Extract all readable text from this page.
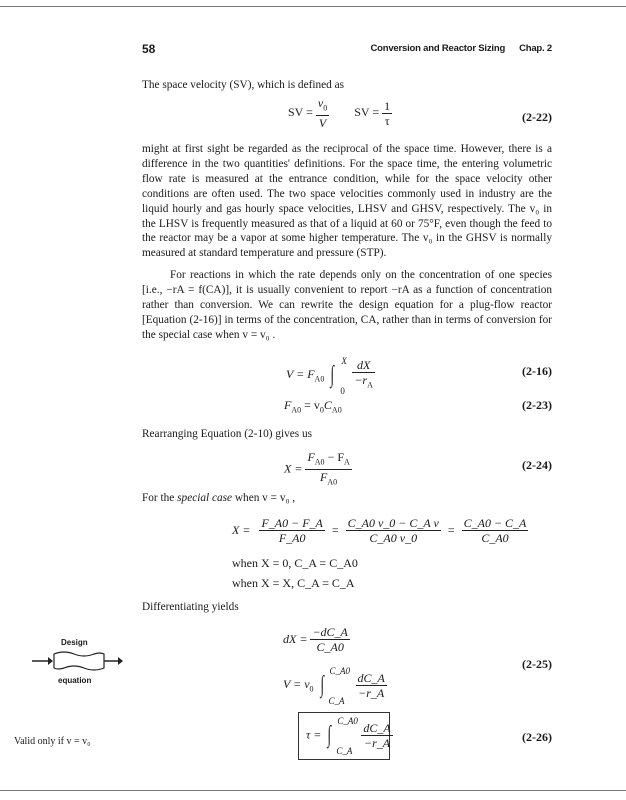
58	Conversion and Reactor Sizing Chap. 2
The space velocity (SV), which is defined as
SV = $\frac{v_0}{V}$ SV = $\frac{1}{\tau}$	(2-22)
might at first sight be regarded as the reciprocal of the space time. However, there is a difference in the two quantities' definitions. For the space time, the entering volumetric flow rate is measured at the entrance condition, while for the space velocity other conditions are often used. The two space velocities commonly used in industry are the liquid hourly and gas hourly space velocities, LHSV and GHSV, respectively. The v₀ in the LHSV is frequently measured as that of a liquid at 60 or 75°F, even though the feed to the reactor may be a vapor at some higher temperature. The v₀ in the GHSV is normally measured at standard temperature and pressure (STP).
For reactions in which the rate depends only on the concentration of one species [i.e., −rA = f(CA)], it is usually convenient to report −rA as a function of concentration rather than conversion. We can rewrite the design equation for a plug-flow reactor [Equation (2-16)] in terms of the concentration, CA, rather than in terms of conversion for the special case when v = v₀ .
$V = F_{A0}$ ∫
X
0
$\frac{dX}{-r_A}$	(2-16)
$F_{A0} = v_0C_{A0}$	(2-23)
Rearranging Equation (2-10) gives us
$X = \frac{F_{A0} - F_A}{F_{A0}}$	(2-24)
For the special case when v = v₀ ,
$X = \frac{F\_A0 - F\_A}{F\_A0} = \frac{\text{C\_A0 v\_0 − C\_A v}}{C\_A0 v\_0} = \frac{C\_A0 - C\_A}{C\_A0}$
when X = 0, C_A = C_A0
when X = X, C_A = C_A
Differentiating yields
dX = $\frac{-dC\_A}{C\_A0}$
$V = v_0$ ∫
C_A0
C_A

$\frac{dC\_A}{-r\_A}$
(2-25)
τ = ∫
C_A0
C_A

$\frac{dC\_A}{-r\_A}$	(2-26)
Design
equation
Valid only if v = v₀
